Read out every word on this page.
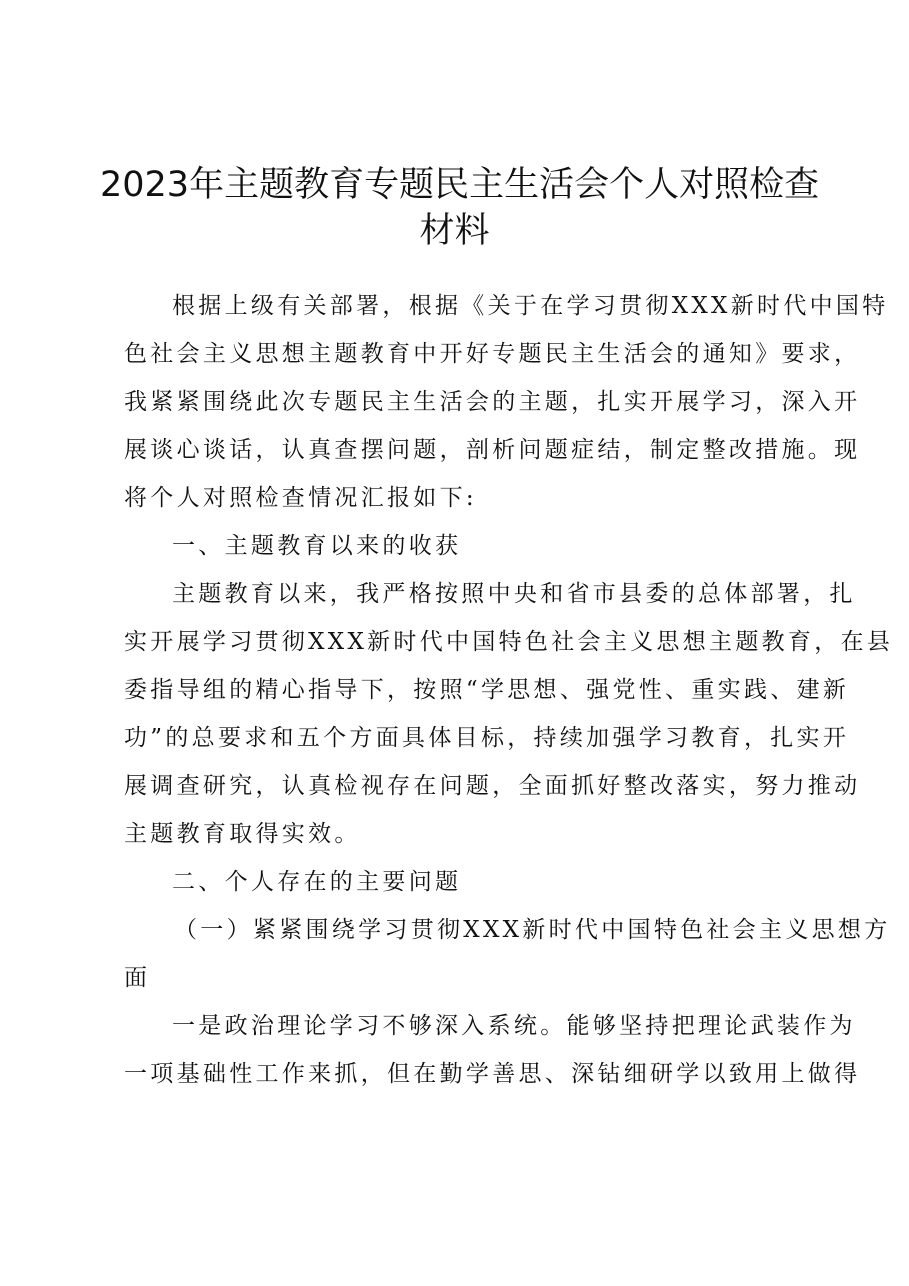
2023年主题教育专题民主生活会个人对照检查
材料
根据上级有关部署，根据《关于在学习贯彻XXX新时代中国特
色社会主义思想主题教育中开好专题民主生活会的通知》要求，
我紧紧围绕此次专题民主生活会的主题，扎实开展学习，深入开
展谈心谈话，认真查摆问题，剖析问题症结，制定整改措施。现
将个人对照检查情况汇报如下:
一、主题教育以来的收获
主题教育以来，我严格按照中央和省市县委的总体部署，扎
实开展学习贯彻XXX新时代中国特色社会主义思想主题教育，在县
委指导组的精心指导下，按照“学思想、强党性、重实践、建新
功”的总要求和五个方面具体目标，持续加强学习教育，扎实开
展调查研究，认真检视存在问题，全面抓好整改落实，努力推动
主题教育取得实效。
二、个人存在的主要问题
（一）紧紧围绕学习贯彻XXX新时代中国特色社会主义思想方
面
一是政治理论学习不够深入系统。能够坚持把理论武装作为
一项基础性工作来抓，但在勤学善思、深钻细研学以致用上做得
